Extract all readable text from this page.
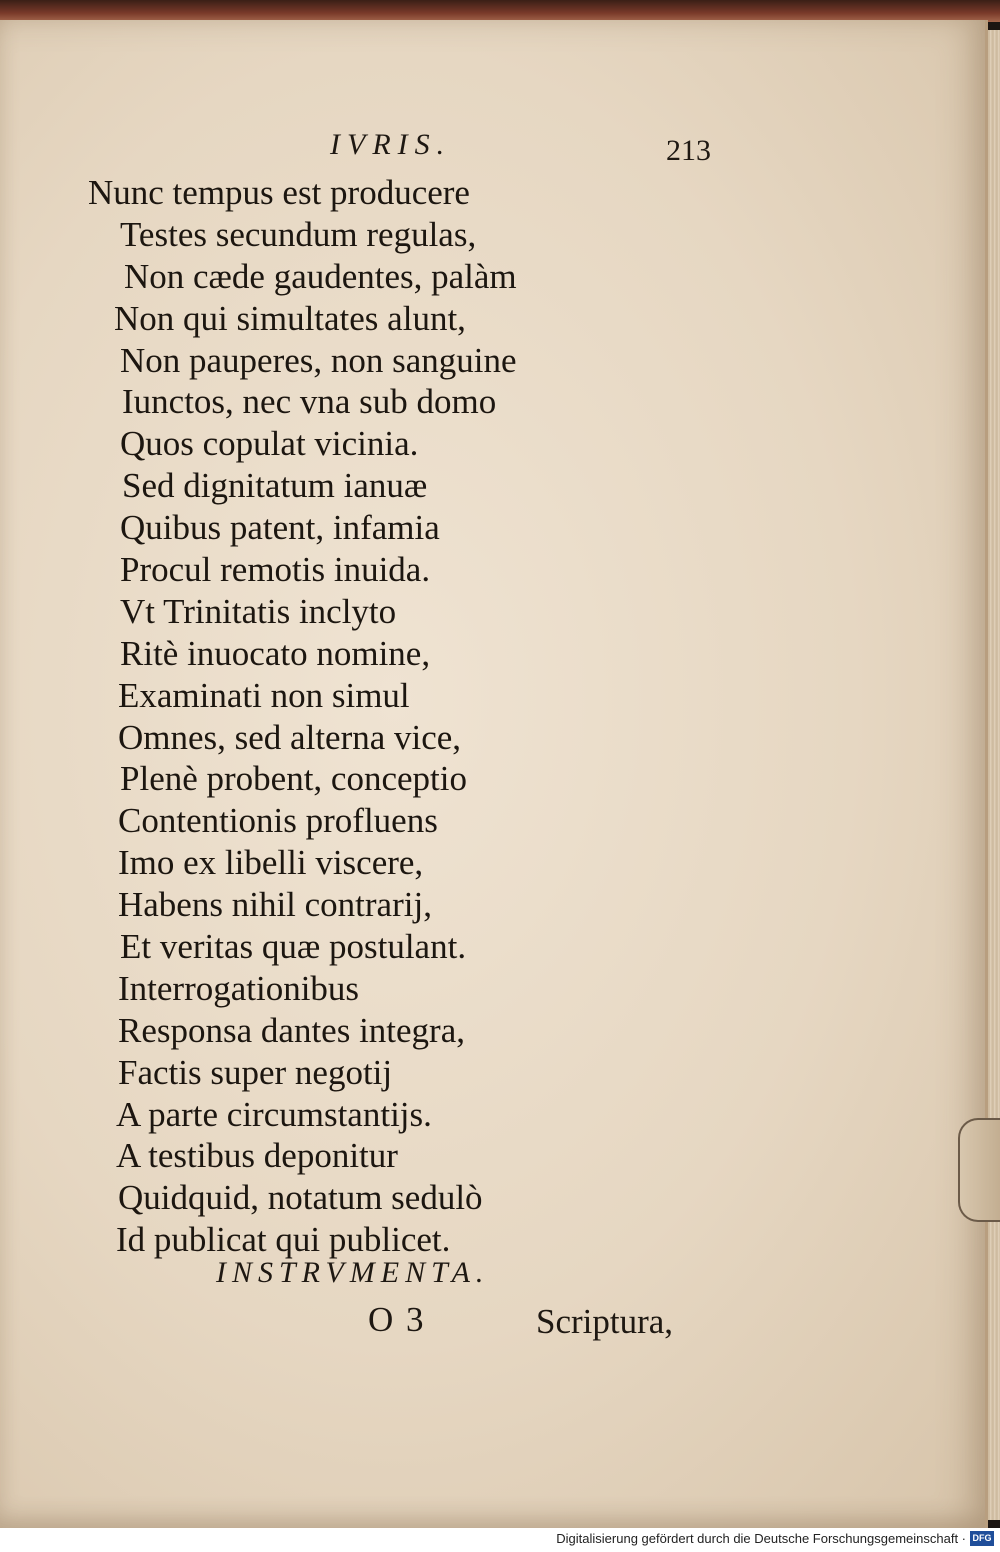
IVRIS.	213
Nunc tempus est producere
Testes secundum regulas,
Non cæde gaudentes, palàm
Non qui simultates alunt,
Non pauperes, non sanguine
Iunctos, nec vna sub domo
Quos copulat vicinia.
Sed dignitatum ianuæ
Quibus patent, infamia
Procul remotis inuida.
Vt Trinitatis inclyto
Ritè inuocato nomine,
Examinati non simul
Omnes, sed alterna vice,
Plenè probent, conceptio
Contentionis profluens
Imo ex libelli viscere,
Habens nihil contrarij,
Et veritas quæ postulant.
Interrogationibus
Responsa dantes integra,
Factis super negotij
A parte circumstantijs.
A testibus deponitur
Quidquid, notatum sedulò
Id publicat qui publicet.
INSTRVMENTA.
O 3	Scriptura,
Digitalisierung gefördert durch die Deutsche Forschungsgemeinschaft · DFG
